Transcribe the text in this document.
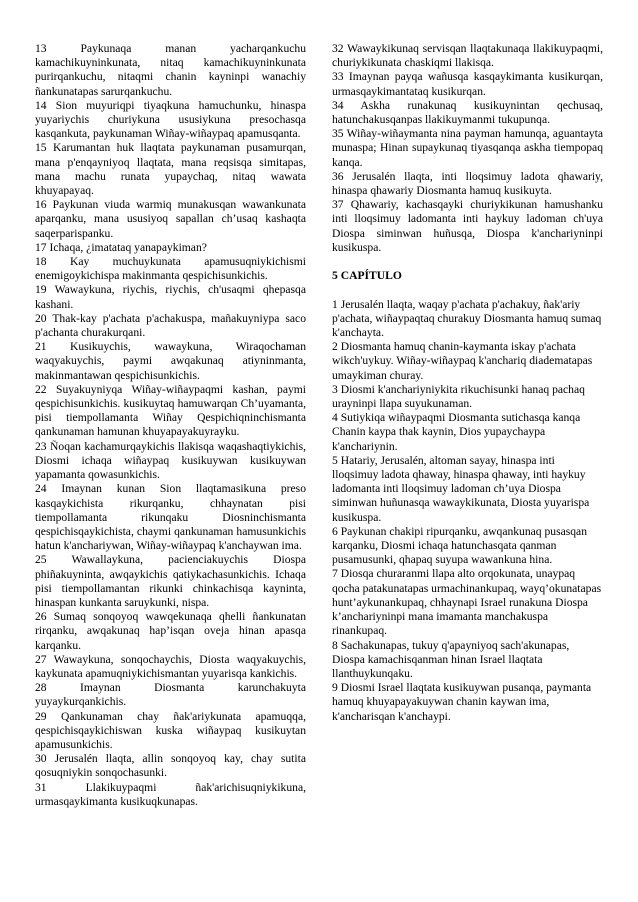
13 Paykunaqa manan yacharqankuchu kamachikuyninkunata, nitaq kamachikuyninkunata purirqankuchu, nitaqmi chanin kayninpi wanachiy ñankunatapas sarurqankuchu.

14 Sion muyuriqpi tiyaqkuna hamuchunku, hinaspa yuyariychis churiykuna ususiykuna presochasqa kasqankuta, paykunaman Wiñay-wiñaypaq apamusqanta.

15 Karumantan huk llaqtata paykunaman pusamurqan, mana p'enqayniyoq llaqtata, mana reqsisqa simitapas, mana machu runata yupaychaq, nitaq wawata khuyapayaq.

16 Paykunan viuda warmiq munakusqan wawankunata aparqanku, mana ususiyoq sapallan ch’usaq kashaqta saqerparispanku.

17 Ichaqa, ¿imatataq yanapaykiman?

18 Kay muchuykunata apamusuqniykichismi enemigoykichispa makinmanta qespichisunkichis.

19 Wawaykuna, riychis, riychis, ch'usaqmi qhepasqa kashani.

20 Thak-kay p'achata p'achakuspa, mañakuyniypa saco p'achanta churakurqani.

21 Kusikuychis, wawaykuna, Wiraqochaman waqyakuychis, paymi awqakunaq atiyninmanta, makinmantawan qespichisunkichis.

22 Suyakuyniyqa Wiñay-wiñaypaqmi kashan, paymi qespichisunkichis. kusikuytaq hamuwarqan Ch’uyamanta, pisi tiempollamanta Wiñay Qespichiqninchismanta qankunaman hamunan khuyapayakuyrayku.

23 Ñoqan kachamurqaykichis llakisqa waqashaqtiykichis, Diosmi ichaqa wiñaypaq kusikuywan kusikuywan yapamanta qowasunkichis.

24 Imaynan kunan Sion llaqtamasikuna preso kasqaykichista rikurqanku, chhaynatan pisi tiempollamanta rikunqaku Diosninchismanta qespichisqaykichista, chaymi qankunaman hamusunkichis hatun k'anchariywan, Wiñay-wiñaypaq k'anchaywan ima.

25 Wawallaykuna, pacienciakuychis Diospa phiñakuyninta, awqaykichis qatiykachasunkichis. Ichaqa pisi tiempollamantan rikunki chinkachisqa kayninta, hinaspan kunkanta saruykunki, nispa.

26 Sumaq sonqoyoq wawqekunaqa qhelli ñankunatan rirqanku, awqakunaq hap’isqan oveja hinan apasqa karqanku.

27 Wawaykuna, sonqochaychis, Diosta waqyakuychis, kaykunata apamuqniykichismantan yuyarisqa kankichis.

28 Imaynan Diosmanta karunchakuyta yuyaykurqankichis.

29 Qankunaman chay ñak'ariykunata apamuqqa, qespichisqaykichiswan kuska wiñaypaq kusikuytan apamusunkichis.

30 Jerusalén llaqta, allin sonqoyoq kay, chay sutita qosuqniykin sonqochasunki.

31 Llakikuypaqmi ñak'arichisuqniykikuna, urmasqaykimanta kusikuqkunapas.

32 Wawaykikunaq servisqan llaqtakunaqa llakikuypaqmi, churiykikunata chaskiqmi llakisqa.

33 Imaynan payqa wañusqa kasqaykimanta kusikurqan, urmasqaykimantataq kusikurqan.

34 Askha runakunaq kusikuynintan qechusaq, hatunchakusqanpas llakikuymanmi tukupunqa.

35 Wiñay-wiñaymanta nina payman hamunqa, aguantayta munaspa; Hinan supaykunaq tiyasqanqa askha tiempopaq kanqa.

36 Jerusalén llaqta, inti lloqsimuy ladota qhawariy, hinaspa qhawariy Diosmanta hamuq kusikuyta.

37 Qhawariy, kachasqayki churiykikunan hamushanku inti lloqsimuy ladomanta inti haykuy ladoman ch'uya Diospa siminwan huñusqa, Diospa k'anchariyninpi kusikuspa.

5 CAPÍTULO

1 Jerusalén llaqta, waqay p'achata p'achakuy, ñak'ariy p'achata, wiñaypaqtaq churakuy Diosmanta hamuq sumaq k'anchayta.

2 Diosmanta hamuq chanin-kaymanta iskay p'achata wikch'uykuy. Wiñay-wiñaypaq k'anchariq diadematapas umaykiman churay.

3 Diosmi k'anchariyniykita rikuchisunki hanaq pachaq urayninpi llapa suyukunaman.

4 Sutiykiqa wiñaypaqmi Diosmanta sutichasqa kanqa Chanin kaypa thak kaynin, Dios yupaychaypa k'anchariynin.

5 Hatariy, Jerusalén, altoman sayay, hinaspa inti lloqsimuy ladota qhaway, hinaspa qhaway, inti haykuy ladomanta inti lloqsimuy ladoman ch’uya Diospa siminwan huñunasqa wawaykikunata, Diosta yuyarispa kusikuspa.

6 Paykunan chakipi ripurqanku, awqankunaq pusasqan karqanku, Diosmi ichaqa hatunchasqata qanman pusamusunki, qhapaq suyupa wawankuna hina.

7 Diosqa churaranmi llapa alto orqokunata, unaypaq qocha patakunatapas urmachinankupaq, wayq’okunatapas hunt’aykunankupaq, chhaynapi Israel runakuna Diospa k’anchariyninpi mana imamanta manchakuspa rinankupaq.

8 Sachakunapas, tukuy q'apayniyoq sach'akunapas, Diospa kamachisqanman hinan Israel llaqtata llanthuykunqaku.

9 Diosmi Israel llaqtata kusikuywan pusanqa, paymanta hamuq khuyapayakuywan chanin kaywan ima, k'ancharisqan k'anchaypi.
